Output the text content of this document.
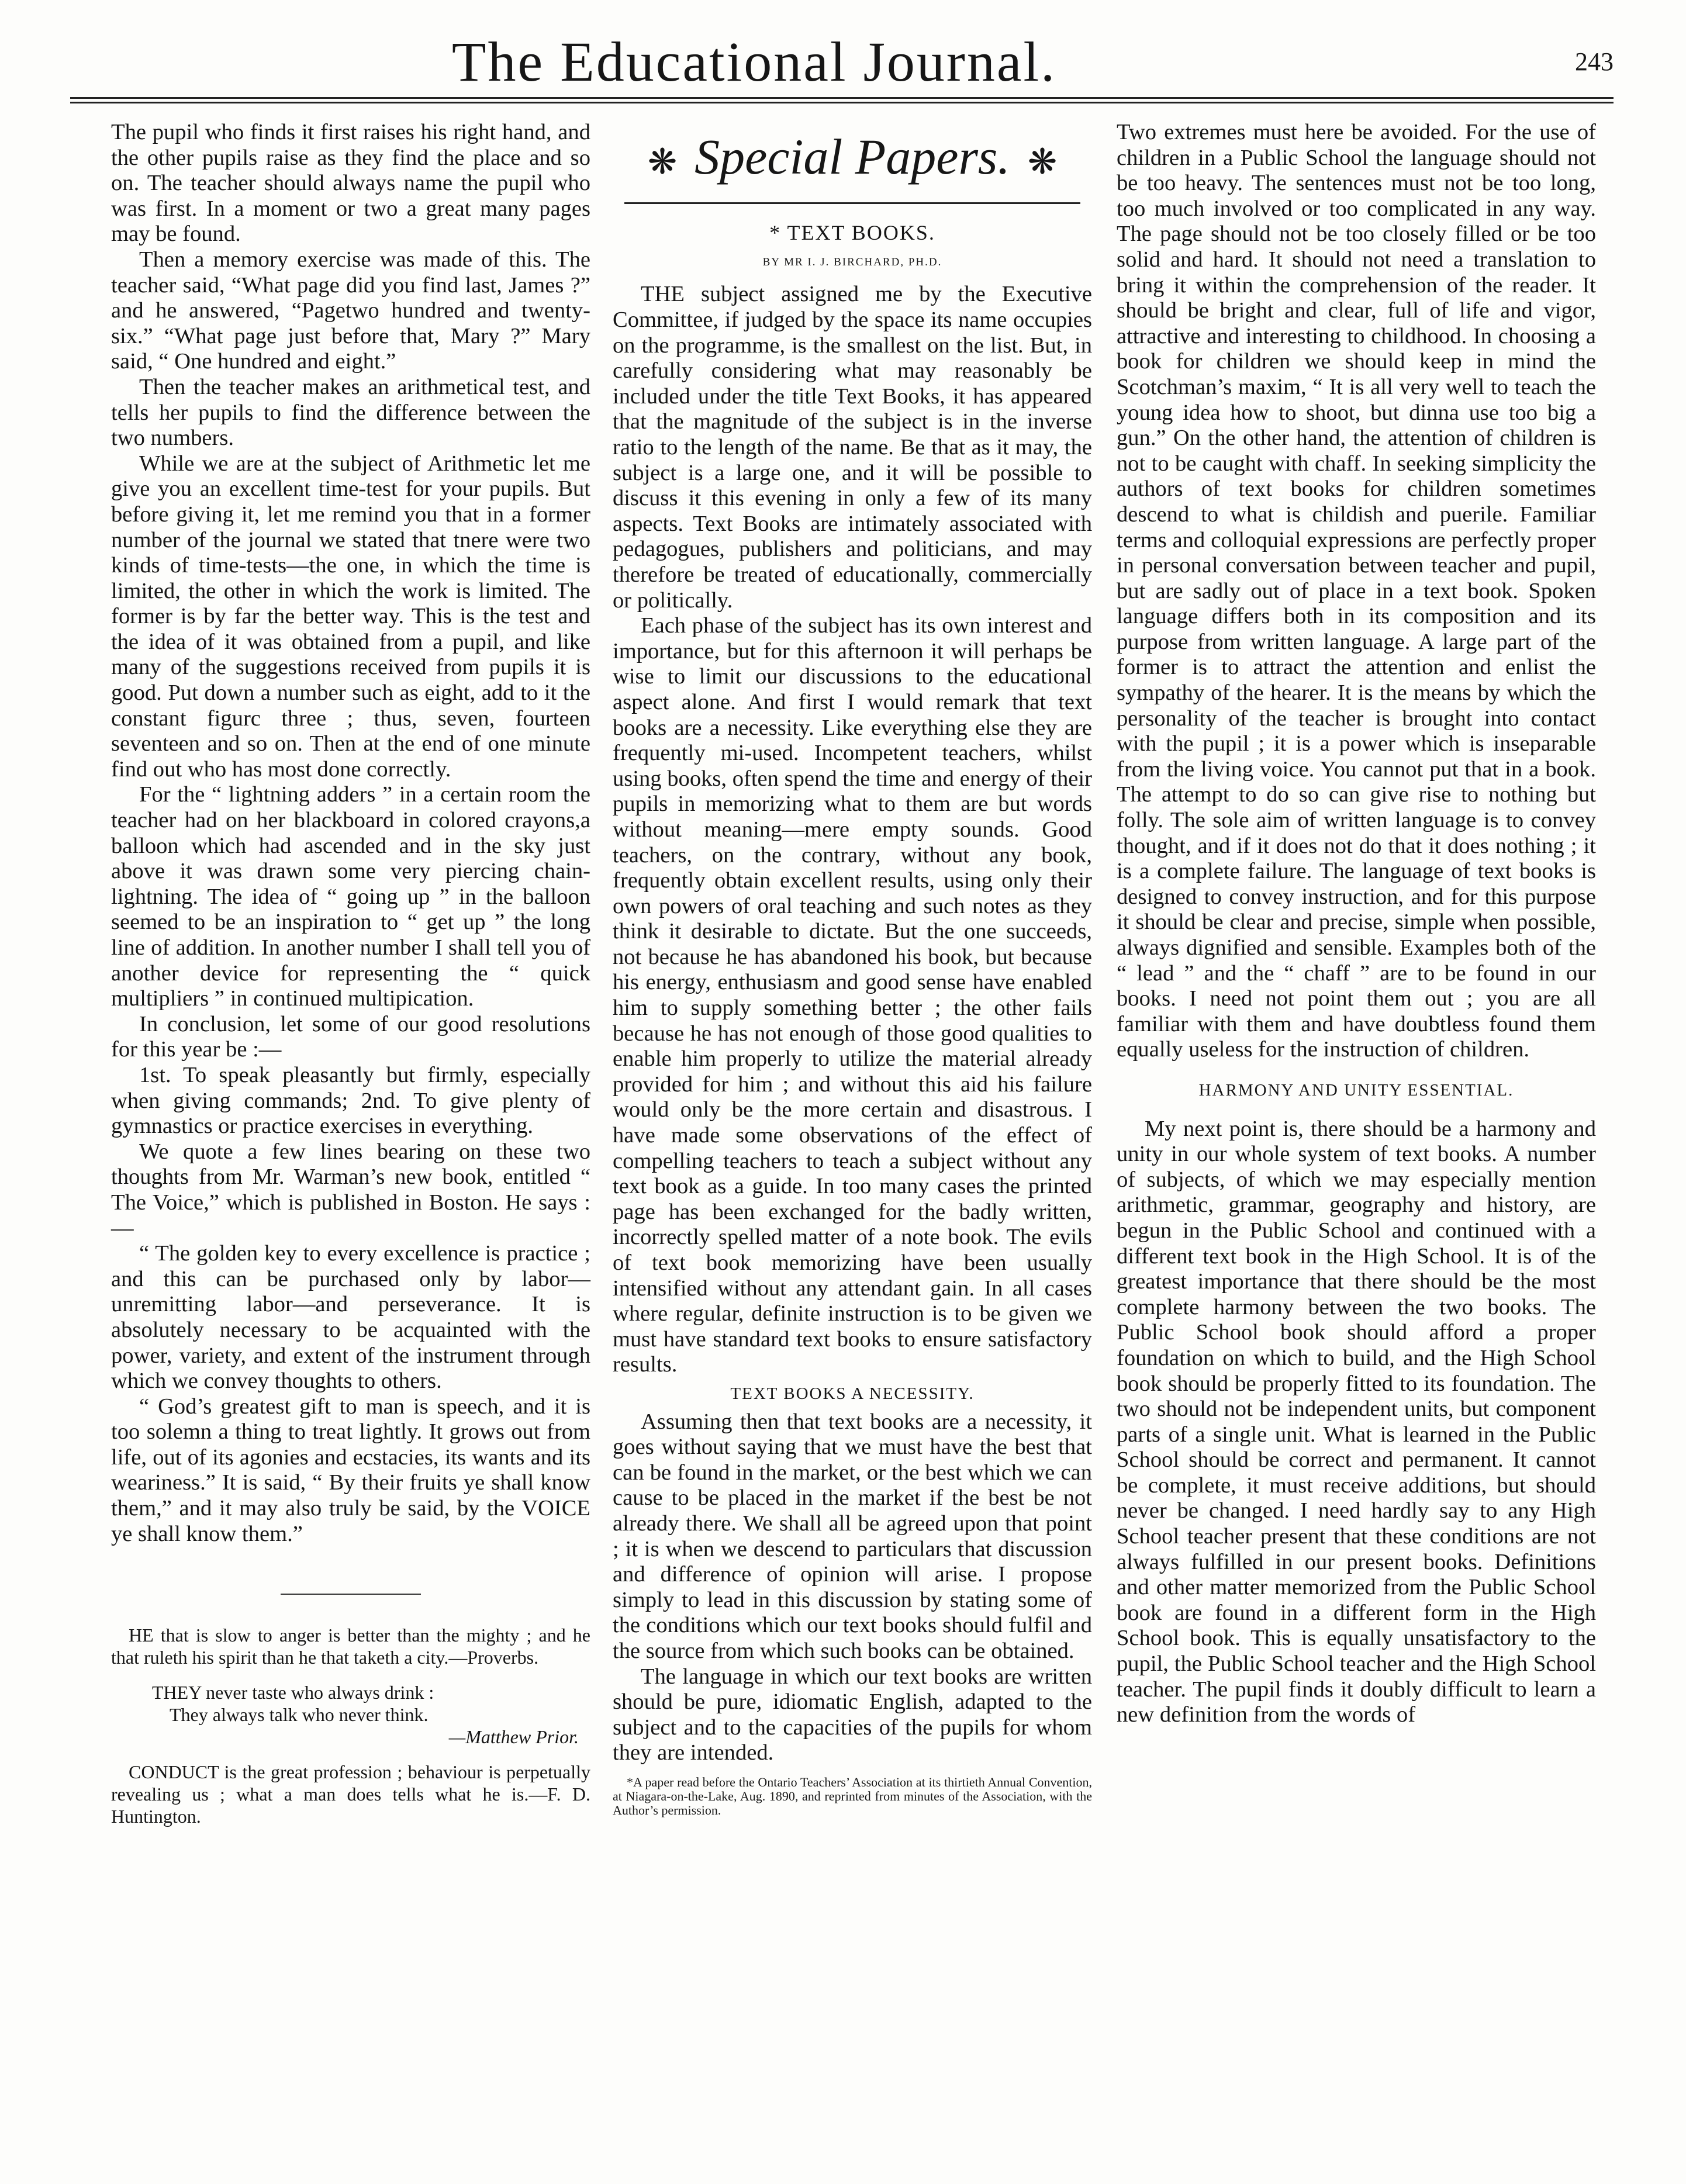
The Educational Journal.	243

The pupil who finds it first raises his right hand, and the other pupils raise as they find the place and so on. The teacher should always name the pupil who was first. In a moment or two a great many pages may be found.

Then a memory exercise was made of this. The teacher said, “What page did you find last, James ?” and he answered, “Pagetwo hundred and twenty-six.” “What page just before that, Mary ?” Mary said, “ One hundred and eight.”

Then the teacher makes an arithmetical test, and tells her pupils to find the difference between the two numbers.

While we are at the subject of Arithmetic let me give you an excellent time-test for your pupils. But before giving it, let me remind you that in a former number of the journal we stated that tnere were two kinds of time-tests—the one, in which the time is limited, the other in which the work is limited. The former is by far the better way. This is the test and the idea of it was obtained from a pupil, and like many of the suggestions received from pupils it is good. Put down a number such as eight, add to it the constant figurc three ; thus, seven, fourteen seventeen and so on. Then at the end of one minute find out who has most done correctly.

For the “ lightning adders ” in a certain room the teacher had on her blackboard in colored crayons,a balloon which had ascended and in the sky just above it was drawn some very piercing chain-lightning. The idea of “ going up ” in the balloon seemed to be an inspiration to “ get up ” the long line of addition. In another number I shall tell you of another device for representing the “ quick multipliers ” in continued multipication.

In conclusion, let some of our good resolutions for this year be :—

1st. To speak pleasantly but firmly, especially when giving commands; 2nd. To give plenty of gymnastics or practice exercises in everything.

We quote a few lines bearing on these two thoughts from Mr. Warman’s new book, entitled “ The Voice,” which is published in Boston. He says :—

“ The golden key to every excellence is practice ; and this can be purchased only by labor—unremitting labor—and perseverance. It is absolutely necessary to be acquainted with the power, variety, and extent of the instrument through which we convey thoughts to others.

“ God’s greatest gift to man is speech, and it is too solemn a thing to treat lightly. It grows out from life, out of its agonies and ecstacies, its wants and its weariness.” It is said, “ By their fruits ye shall know them,” and it may also truly be said, by the VOICE ye shall know them.”

HE that is slow to anger is better than the mighty ; and he that ruleth his spirit than he that taketh a city.—Proverbs.

THEY never taste who always drink :
They always talk who never think.
—Matthew Prior.

CONDUCT is the great profession ; behaviour is perpetually revealing us ; what a man does tells what he is.—F. D. Huntington.

❋ Special Papers. ❋
* TEXT BOOKS.
BY MR I. J. BIRCHARD, PH.D.

THE subject assigned me by the Executive Committee, if judged by the space its name occupies on the programme, is the smallest on the list. But, in carefully considering what may reasonably be included under the title Text Books, it has appeared that the magnitude of the subject is in the inverse ratio to the length of the name. Be that as it may, the subject is a large one, and it will be possible to discuss it this evening in only a few of its many aspects. Text Books are intimately associated with pedagogues, publishers and politicians, and may therefore be treated of educationally, commercially or politically.

Each phase of the subject has its own interest and importance, but for this afternoon it will perhaps be wise to limit our discussions to the educational aspect alone. And first I would remark that text books are a necessity. Like everything else they are frequently mi-used. Incompetent teachers, whilst using books, often spend the time and energy of their pupils in memorizing what to them are but words without meaning—mere empty sounds. Good teachers, on the contrary, without any book, frequently obtain excellent results, using only their own powers of oral teaching and such notes as they think it desirable to dictate. But the one succeeds, not because he has abandoned his book, but because his energy, enthusiasm and good sense have enabled him to supply something better ; the other fails because he has not enough of those good qualities to enable him properly to utilize the material already provided for him ; and without this aid his failure would only be the more certain and disastrous. I have made some observations of the effect of compelling teachers to teach a subject without any text book as a guide. In too many cases the printed page has been exchanged for the badly written, incorrectly spelled matter of a note book. The evils of text book memorizing have been usually intensified without any attendant gain. In all cases where regular, definite instruction is to be given we must have standard text books to ensure satisfactory results.

TEXT BOOKS A NECESSITY.

Assuming then that text books are a necessity, it goes without saying that we must have the best that can be found in the market, or the best which we can cause to be placed in the market if the best be not already there. We shall all be agreed upon that point ; it is when we descend to particulars that discussion and difference of opinion will arise. I propose simply to lead in this discussion by stating some of the conditions which our text books should fulfil and the source from which such books can be obtained.

The language in which our text books are written should be pure, idiomatic English, adapted to the subject and to the capacities of the pupils for whom they are intended.

*A paper read before the Ontario Teachers’ Association at its thirtieth Annual Convention, at Niagara-on-the-Lake, Aug. 1890, and reprinted from minutes of the Association, with the Author’s permission.

Two extremes must here be avoided. For the use of children in a Public School the language should not be too heavy. The sentences must not be too long, too much involved or too complicated in any way. The page should not be too closely filled or be too solid and hard. It should not need a translation to bring it within the comprehension of the reader. It should be bright and clear, full of life and vigor, attractive and interesting to childhood. In choosing a book for children we should keep in mind the Scotchman’s maxim, “ It is all very well to teach the young idea how to shoot, but dinna use too big a gun.” On the other hand, the attention of children is not to be caught with chaff. In seeking simplicity the authors of text books for children sometimes descend to what is childish and puerile. Familiar terms and colloquial expressions are perfectly proper in personal conversation between teacher and pupil, but are sadly out of place in a text book. Spoken language differs both in its composition and its purpose from written language. A large part of the former is to attract the attention and enlist the sympathy of the hearer. It is the means by which the personality of the teacher is brought into contact with the pupil ; it is a power which is inseparable from the living voice. You cannot put that in a book. The attempt to do so can give rise to nothing but folly. The sole aim of written language is to convey thought, and if it does not do that it does nothing ; it is a complete failure. The language of text books is designed to convey instruction, and for this purpose it should be clear and precise, simple when possible, always dignified and sensible. Examples both of the “ lead ” and the “ chaff ” are to be found in our books. I need not point them out ; you are all familiar with them and have doubtless found them equally useless for the instruction of children.

HARMONY AND UNITY ESSENTIAL.

My next point is, there should be a harmony and unity in our whole system of text books. A number of subjects, of which we may especially mention arithmetic, grammar, geography and history, are begun in the Public School and continued with a different text book in the High School. It is of the greatest importance that there should be the most complete harmony between the two books. The Public School book should afford a proper foundation on which to build, and the High School book should be properly fitted to its foundation. The two should not be independent units, but component parts of a single unit. What is learned in the Public School should be correct and permanent. It cannot be complete, it must receive additions, but should never be changed. I need hardly say to any High School teacher present that these conditions are not always fulfilled in our present books. Definitions and other matter memorized from the Public School book are found in a different form in the High School book. This is equally unsatisfactory to the pupil, the Public School teacher and the High School teacher. The pupil finds it doubly difficult to learn a new definition from the words of
